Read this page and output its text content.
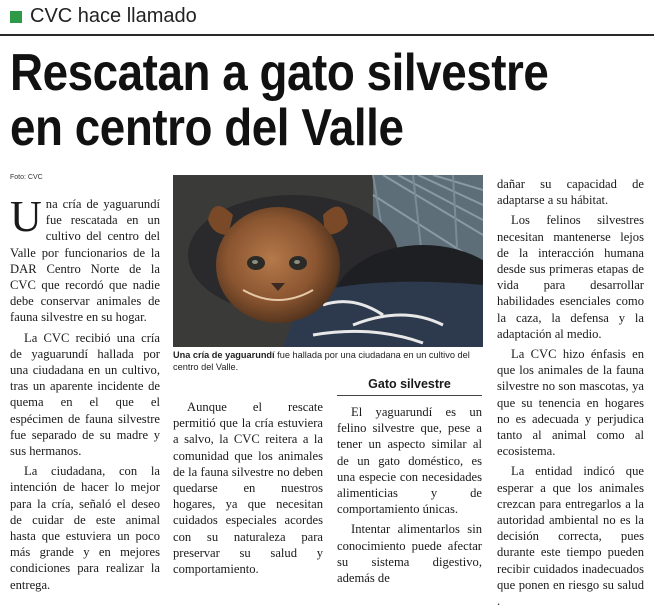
CVC hace llamado
Rescatan a gato silvestre
en centro del Valle
Foto: CVC

Una cría de yaguarundí fue rescatada en un cultivo del centro del Valle por funcionarios de la DAR Centro Norte de la CVC que recordó que nadie debe conservar animales de fauna silvestre en su hogar.

La CVC recibió una cría de yaguarundí hallada por una ciudadana en un cultivo, tras un aparente incidente de quema en el que el espécimen de fauna silvestre fue separado de su madre y sus hermanos.

La ciudadana, con la intención de hacer lo mejor para la cría, señaló el deseo de cuidar de este animal hasta que estuviera un poco más grande y en mejores condiciones para realizar la entrega.

Una cría de yaguarundí fue hallada por una ciudadana en un cultivo del centro del Valle.

Aunque el rescate permitió que la cría estuviera a salvo, la CVC reitera a la comunidad que los animales de la fauna silvestre no deben quedarse en nuestros hogares, ya que necesitan cuidados especiales acordes con su naturaleza para preservar su salud y comportamiento.

Gato silvestre

El yaguarundí es un felino silvestre que, pese a tener un aspecto similar al de un gato doméstico, es una especie con necesidades alimenticias y de comportamiento únicas.

Intentar alimentarlos sin conocimiento puede afectar su sistema digestivo, además de

dañar su capacidad de adaptarse a su hábitat.

Los felinos silvestres necesitan mantenerse lejos de la interacción humana desde sus primeras etapas de vida para desarrollar habilidades esenciales como la caza, la defensa y la adaptación al medio.

La CVC hizo énfasis en que los animales de la fauna silvestre no son mascotas, ya que su tenencia en hogares no es adecuada y perjudica tanto al animal como al ecosistema.

La entidad indicó que esperar a que los animales crezcan para entregarlos a la autoridad ambiental no es la decisión correcta, pues durante este tiempo pueden recibir cuidados inadecuados que ponen en riesgo su salud .
